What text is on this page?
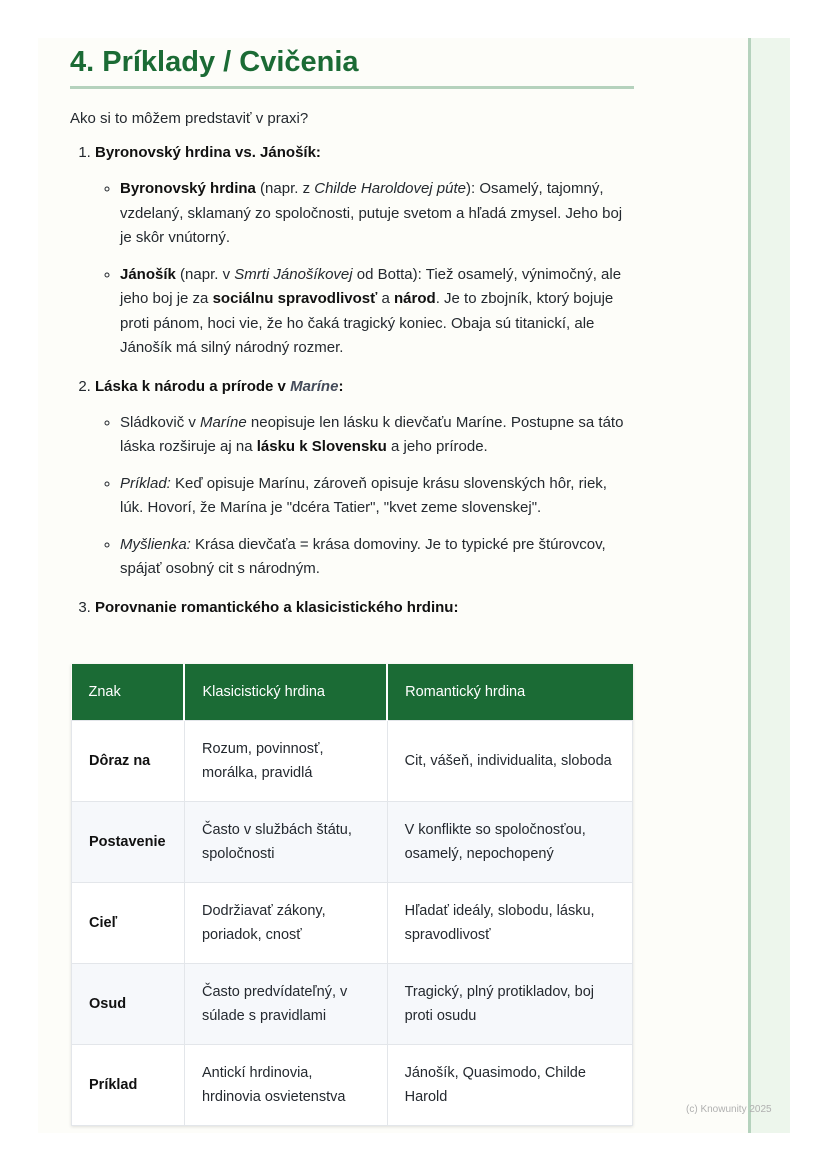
4. Príklady / Cvičenia

Ako si to môžem predstaviť v praxi?

1. Byronovský hrdina vs. Jánošík:
◦ Byronovský hrdina (napr. z Childe Haroldovej púte): Osamelý, tajomný, vzdelaný, sklamaný zo spoločnosti, putuje svetom a hľadá zmysel. Jeho boj je skôr vnútorný.
◦ Jánošík (napr. v Smrti Jánošíkovej od Botta): Tiež osamelý, výnimočný, ale jeho boj je za sociálnu spravodlivosť a národ. Je to zbojník, ktorý bojuje proti pánom, hoci vie, že ho čaká tragický koniec. Obaja sú titanickí, ale Jánošík má silný národný rozmer.
2. Láska k národu a prírode v Maríne:
◦ Sládkovič v Maríne neopisuje len lásku k dievčaťu Maríne. Postupne sa táto láska rozširuje aj na lásku k Slovensku a jeho prírode.
◦ Príklad: Keď opisuje Marínu, zároveň opisuje krásu slovenských hôr, riek, lúk. Hovorí, že Marína je "dcéra Tatier", "kvet zeme slovenskej".
◦ Myšlienka: Krása dievčaťa = krása domoviny. Je to typické pre štúrovcov, spájať osobný cit s národným.
3. Porovnanie romantického a klasicistického hrdinu:
Znak	Klasicistický hrdina	Romantický hrdina
Dôraz na	Rozum, povinnosť, morálka, pravidlá	Cit, vášeň, individualita, sloboda
Postavenie	Často v službách štátu, spoločnosti	V konflikte so spoločnosťou, osamelý, nepochopený
Cieľ	Dodržiavať zákony, poriadok, cnosť	Hľadať ideály, slobodu, lásku, spravodlivosť
Osud	Často predvídateľný, v súlade s pravidlami	Tragický, plný protikladov, boj proti osudu
Príklad	Antickí hrdinovia, hrdinovia osvietenstva	Jánošík, Quasimodo, Childe Harold
(c) Knowunity 2025
